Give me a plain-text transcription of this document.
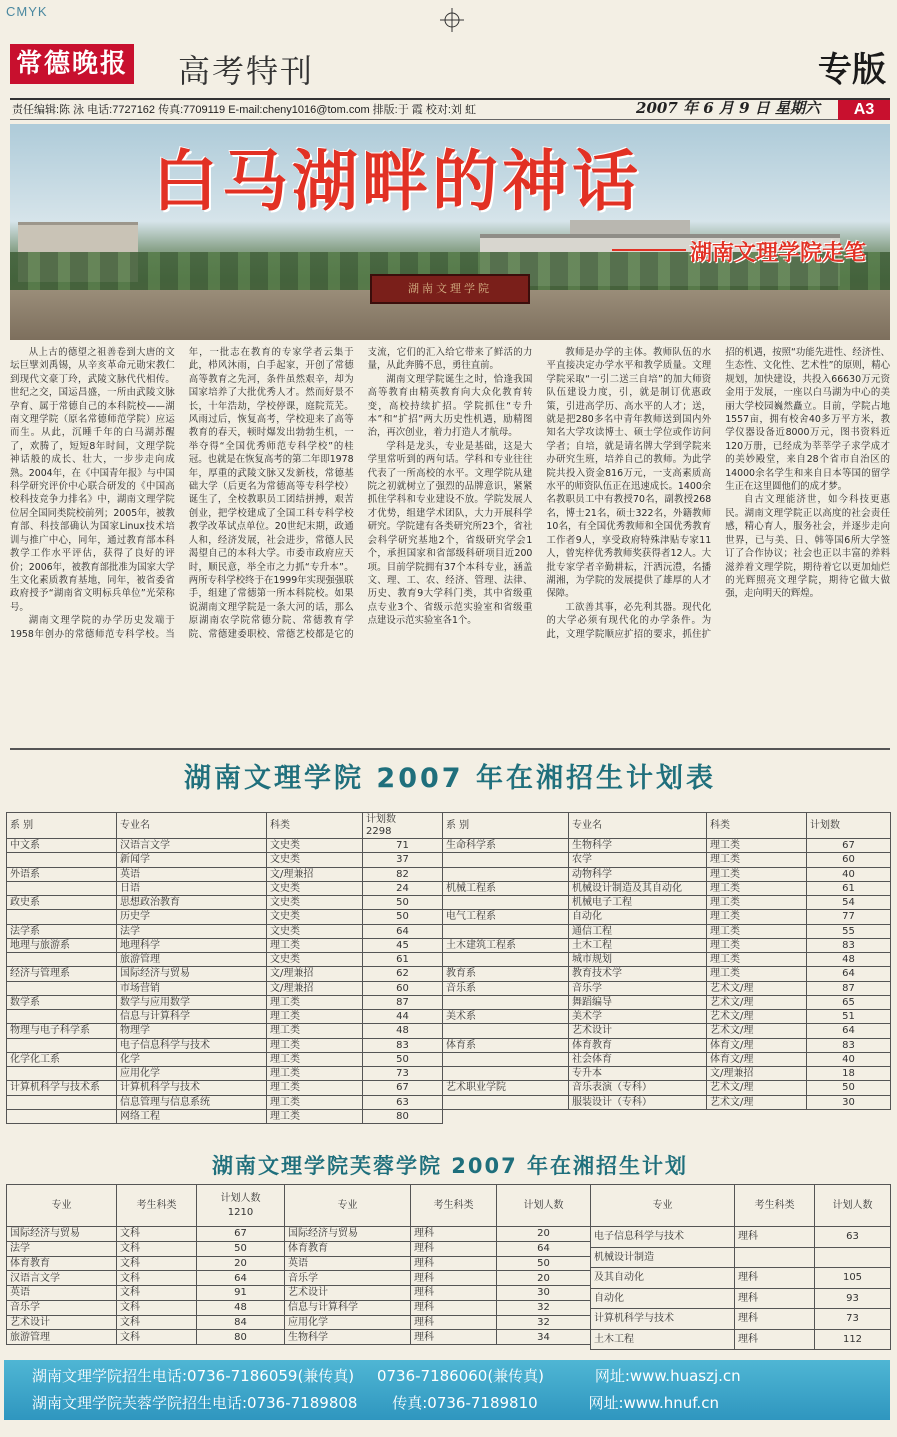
CMYK
常德晚报 高考特刊	专版
责任编辑:陈 泳 电话:7727162 传真:7709119 E-mail:cheny1016@tom.com 排版:于 霞 校对:刘 虹	2007 年 6 月 9 日 星期六	A3
湖南文理学院
白马湖畔的神话
湖南文理学院走笔

从上古的德望之祖善卷到大唐的文坛巨擘刘禹锡，从辛亥革命元勋宋教仁到现代文豪丁玲，武陵文脉代代相传。世纪之交，国运昌盛，一所由武陵文脉孕育、属于常德自己的本科院校——湖南文理学院（原名常德师范学院）应运而生。从此，沉睡千年的白马湖苏醒了，欢腾了，短短8年时间，文理学院神话般的成长、壮大，一步步走向成熟。2004年，在《中国青年报》与中国科学研究评价中心联合研发的《中国高校科技竞争力排名》中，湖南文理学院位居全国同类院校前列；2005年，被教育部、科技部确认为国家Linux技术培训与推广中心，同年，通过教育部本科教学工作水平评估，获得了良好的评价；2006年，被教育部批准为国家大学生文化素质教育基地，同年，被省委省政府授予“湖南省文明标兵单位”光荣称号。

湖南文理学院的办学历史发端于1958年创办的常德师范专科学校。当年，一批志在教育的专家学者云集于此，栉风沐雨，白手起家，开创了常德高等教育之先河，条件虽然艰辛，却为国家培养了大批优秀人才。然而好景不长，十年浩劫，学校停课，庭院荒芜。风雨过后，恢复高考，学校迎来了高等教育的春天，顿时爆发出勃勃生机，一举夺得“全国优秀师范专科学校”的桂冠。也就是在恢复高考的第二年即1978年，厚重的武陵文脉又发新枝，常德基础大学（后更名为常德高等专科学校）诞生了，全校教职员工团结拼搏，艰苦创业，把学校建成了全国工科专科学校教学改革试点单位。20世纪末期，政通人和，经济发展，社会进步，常德人民渴望自己的本科大学。市委市政府应天时，顺民意，举全市之力抓“专升本”。两所专科学校终于在1999年实现强强联手，组建了常德第一所本科院校。如果说湖南文理学院是一条大河的话，那么原湖南农学院常德分院、常德教育学院、常德建委职校、常德艺校都是它的支流，它们的汇入给它带来了鲜活的力量，从此奔腾不息，勇往直前。

湖南文理学院诞生之时，恰逢我国高等教育由精英教育向大众化教育转变，高校持续扩招。学院抓住“专升本”和“扩招”两大历史性机遇，励精图治，再次创业，着力打造人才航母。

学科是龙头，专业是基础，这是大学里常听到的两句话。学科和专业往往代表了一所高校的水平。文理学院从建院之初就树立了强烈的品牌意识，紧紧抓住学科和专业建设不放。学院发展人才优势，组建学术团队，大力开展科学研究。学院建有各类研究所23个，省社会科学研究基地2个，省级研究学会1个，承担国家和省部级科研项目近200项。目前学院拥有37个本科专业，涵盖文、理、工、农、经济、管理、法律、历史、教育9大学科门类，其中省级重点专业3个、省级示范实验室和省级重点建设示范实验室各1个。

教师是办学的主体。教师队伍的水平直接决定办学水平和教学质量。文理学院采取“一引二送三自培”的加大师资队伍建设力度，引，就是制订优惠政策，引进高学历、高水平的人才；送，就是把280多名中青年教师送到国内外知名大学攻读博士、硕士学位或作访问学者；自培，就是请名牌大学到学院来办研究生班，培养自己的教师。为此学院共投入资金816万元，一支高素质高水平的师资队伍正在迅速成长。1400余名教职员工中有教授70名，副教授268名，博士21名，硕士322名，外籍教师10名，有全国优秀教师和全国优秀教育工作者9人，享受政府特殊津贴专家11人，曾宪梓优秀教师奖获得者12人。大批专家学者辛勤耕耘，汗洒沅澧，名播湖湘，为学院的发展提供了雄厚的人才保障。

工欲善其事，必先利其器。现代化的大学必须有现代化的办学条件。为此，文理学院顺应扩招的要求，抓住扩招的机遇，按照“功能先进性、经济性、生态性、文化性、艺术性”的原则，精心规划，加快建设，共投入66630万元资金用于发展，一座以白马湖为中心的美丽大学校园巍然矗立。目前，学院占地1557亩，拥有校舍40多万平方米，教学仪器设备近8000万元，图书资料近120万册，已经成为莘莘学子求学成才的美妙殿堂，来自28个省市自治区的14000余名学生和来自日本等国的留学生正在这里圆他们的成才梦。

自古文理能济世，如今科技更惠民。湖南文理学院正以高度的社会责任感，精心育人，服务社会，并逐步走向世界，已与美、日、韩等国6所大学签订了合作协议；社会也正以丰富的养料滋养着文理学院，期待着它以更加灿烂的光辉照亮文理学院，期待它做大做强，走向明天的辉煌。

湖南文理学院 2007 年在湘招生计划表
系 别	专业名	科类	计划数
2298
中文系	汉语言文学	文史类	71
	新闻学	文史类	37
外语系	英语	文/理兼招	82
	日语	文史类	24
政史系	思想政治教育	文史类	50
	历史学	文史类	50
法学系	法学	文史类	64
地理与旅游系	地理科学	理工类	45
	旅游管理	文史类	61
经济与管理系	国际经济与贸易	文/理兼招	62
	市场营销	文/理兼招	60
数学系	数学与应用数学	理工类	87
	信息与计算科学	理工类	44
物理与电子科学系	物理学	理工类	48
	电子信息科学与技术	理工类	83
化学化工系	化学	理工类	50
	应用化学	理工类	73
计算机科学与技术系	计算机科学与技术	理工类	67
	信息管理与信息系统	理工类	63
	网络工程	理工类	80
系 别	专业名	科类	计划数
生命科学系	生物科学	理工类	67
	农学	理工类	60
	动物科学	理工类	40
机械工程系	机械设计制造及其自动化	理工类	61
	机械电子工程	理工类	54
电气工程系	自动化	理工类	77
	通信工程	理工类	55
土木建筑工程系	土木工程	理工类	83
	城市规划	理工类	48
教育系	教育技术学	理工类	64
音乐系	音乐学	艺术文/理	87
	舞蹈编导	艺术文/理	65
美术系	美术学	艺术文/理	51
	艺术设计	艺术文/理	64
体育系	体育教育	体育文/理	83
	社会体育	体育文/理	40
	专升本	文/理兼招	18
艺术职业学院	音乐表演（专科）	艺术文/理	50
	服装设计（专科）	艺术文/理	30
湖南文理学院芙蓉学院 2007 年在湘招生计划
专业	考生科类	计划人数
1210	专业	考生科类	计划人数
国际经济与贸易	文科	67	国际经济与贸易	理科	20
法学	文科	50	体育教育	理科	64
体育教育	文科	20	英语	理科	50
汉语言文学	文科	64	音乐学	理科	20
英语	文科	91	艺术设计	理科	30
音乐学	文科	48	信息与计算科学	理科	32
艺术设计	文科	84	应用化学	理科	32
旅游管理	文科	80	生物科学	理科	34
专业	考生科类	计划人数
电子信息科学与技术	理科	63
机械设计制造		
及其自动化	理科	105
自动化	理科	93
计算机科学与技术	理科	73
土木工程	理科	112
湖南文理学院招生电话:0736-7186059(兼传真) 0736-7186060(兼传真)	网址:www.huaszj.cn
湖南文理学院芙蓉学院招生电话:0736-7189808 传真:0736-7189810	网址:www.hnuf.cn
